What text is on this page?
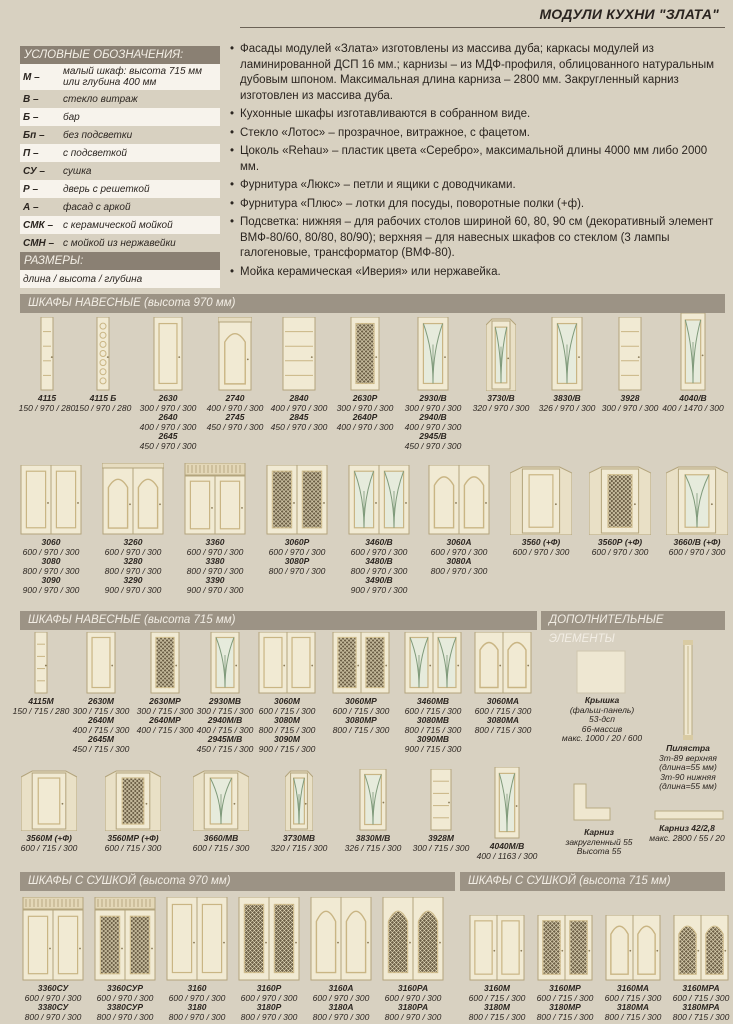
МОДУЛИ КУХНИ "ЗЛАТА"
УСЛОВНЫЕ ОБОЗНАЧЕНИЯ:
М –	малый шкаф: высота 715 мм или глубина 400 мм
В –	стекло витраж
Б –	бар
Бп –	без подсветки
П –	с подсветкой
СУ –	сушка
Р –	дверь с решеткой
А –	фасад с аркой
СМК – с керамической мойкой
СМН – с мойкой из нержавейки
РАЗМЕРЫ:
длина / высота / глубина
• Фасады модулей «Злата» изготовлены из массива дуба; каркасы модулей из ламинированной ДСП 16 мм.; карнизы – из МДФ-профиля, облицованного натуральным дубовым шпоном. Максимальная длина карниза – 2800 мм. Закругленный карниз изготовлен из массива дуба.
• Кухонные шкафы изготавливаются в собранном виде.
• Стекло «Лотос» – прозрачное, витражное, с фацетом.
• Цоколь «Rehau» – пластик цвета «Серебро», максимальной длины 4000 мм либо 2000 мм.
• Фурнитура «Люкс» – петли и ящики с доводчиками.
• Фурнитура «Плюс» – лотки для посуды, поворотные полки (+ф).
• Подсветка: нижняя – для рабочих столов шириной 60, 80, 90 см (декоративный элемент ВМФ-80/60, 80/80, 80/90); верхняя – для навесных шкафов со стеклом (3 лампы галогеновые, трансформатор (ВМФ-80).
• Мойка керамическая «Иверия» или нержавейка.
ШКАФЫ НАВЕСНЫЕ (высота 970 мм)
4115
150 / 970 / 280
4115 Б
150 / 970 / 280
2630
300 / 970 / 300
2640
400 / 970 / 300
2645
450 / 970 / 300
2740
400 / 970 / 300
2745
450 / 970 / 300
2840
400 / 970 / 300
2845
450 / 970 / 300
2630Р
300 / 970 / 300
2640Р
400 / 970 / 300
2930/В
300 / 970 / 300
2940/В
400 / 970 / 300
2945/В
450 / 970 / 300
3730/В
320 / 970 / 300
3830/В
326 / 970 / 300
3928
300 / 970 / 300
4040/В
400 / 1470 / 300
3060
600 / 970 / 300
3080
800 / 970 / 300
3090
900 / 970 / 300
3260
600 / 970 / 300
3280
800 / 970 / 300
3290
900 / 970 / 300
3360
600 / 970 / 300
3380
800 / 970 / 300
3390
900 / 970 / 300
3060Р
600 / 970 / 300
3080Р
800 / 970 / 300
3460/В
600 / 970 / 300
3480/В
800 / 970 / 300
3490/В
900 / 970 / 300
3060А
600 / 970 / 300
3080А
800 / 970 / 300
3560 (+Ф)
600 / 970 / 300
3560Р (+Ф)
600 / 970 / 300
3660/В (+Ф)
600 / 970 / 300
ШКАФЫ НАВЕСНЫЕ (высота 715 мм)	ДОПОЛНИТЕЛЬНЫЕ ЭЛЕМЕНТЫ
4115М
150 / 715 / 280
2630М
300 / 715 / 300
2640М
400 / 715 / 300
2645М
450 / 715 / 300
2630МР
300 / 715 / 300
2640МР
400 / 715 / 300
2930МВ
300 / 715 / 300
2940М/В
400 / 715 / 300
2945М/В
450 / 715 / 300
3060М
600 / 715 / 300
3080М
800 / 715 / 300
3090М
900 / 715 / 300
3060МР
600 / 715 / 300
3080МР
800 / 715 / 300
3460МВ
600 / 715 / 300
3080МВ
800 / 715 / 300
3090МВ
900 / 715 / 300
3060МА
600 / 715 / 300
3080МА
800 / 715 / 300
3560М (+Ф)
600 / 715 / 300
3560МР (+Ф)
600 / 715 / 300
3660/МВ
600 / 715 / 300
3730МВ
320 / 715 / 300
3830М/В
326 / 715 / 300
3928М
300 / 715 / 300	4040М/В
400 / 1163 / 300
Крышка
(фальш-панель)
53-дсп
66-массив
макс. 1000 / 20 / 600
Пилястра
3т-89 верхняя
(длина=55 мм)
3т-90 нижняя
(длина=55 мм)
Карниз
закругленный 55
Высота 55
Карниз 42/2,8
макс. 2800 / 55 / 20
ШКАФЫ С СУШКОЙ (высота 970 мм)	ШКАФЫ С СУШКОЙ (высота 715 мм)
3360СУ
600 / 970 / 300
3380СУ
800 / 970 / 300
3360СУР
600 / 970 / 300
3380СУР
800 / 970 / 300
3160
600 / 970 / 300
3180
800 / 970 / 300
3160Р
600 / 970 / 300
3180Р
800 / 970 / 300
3160А
600 / 970 / 300
3180А
800 / 970 / 300
3160РА
600 / 970 / 300
3180РА
800 / 970 / 300
3160М
600 / 715 / 300
3180М
800 / 715 / 300
3160МР
600 / 715 / 300
3180МР
800 / 715 / 300
3160МА
600 / 715 / 300
3180МА
800 / 715 / 300
3160МРА
600 / 715 / 300
3180МРА
800 / 715 / 300
